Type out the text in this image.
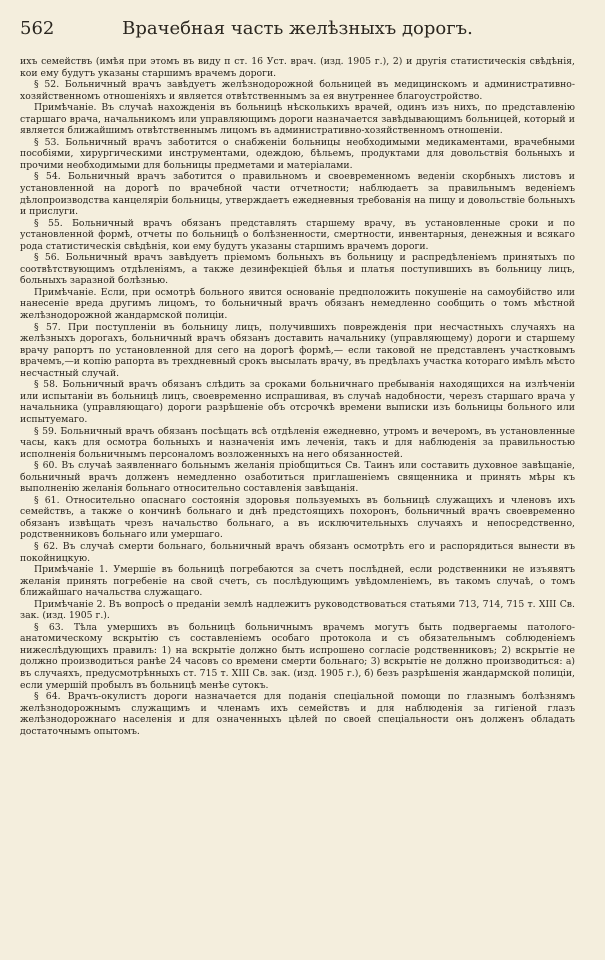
562	Врачебная часть желѣзныхъ дорогъ.

ихъ семействъ (имѣя при этомъ въ виду п ст. 16 Уст. врач. (изд. 1905 г.), 2) и другія статистическія свѣдѣнія, кои ему будутъ указаны старшимъ врачемъ дороги.

§ 52. Больничный врачъ завѣдуетъ желѣзнодорожной больницей въ медицинскомъ и административно-хозяйственномъ отношеніяхъ и является отвѣтственнымъ за ея внутреннее благоустройство.

Примѣчаніе. Въ случаѣ нахожденія въ больницѣ нѣсколькихъ врачей, одинъ изъ нихъ, по представленію старшаго врача, начальникомъ или управляющимъ дороги назначается завѣдывающимъ больницей, который и является ближайшимъ отвѣтственнымъ лицомъ въ административно-хозяйственномъ отношеніи.

§ 53. Больничный врачъ заботится о снабженіи больницы необходимыми медикаментами, врачебными пособіями, хирургическими инструментами, одеждою, бѣльемъ, продуктами для довольствія больныхъ и прочими необходимыми для больницы предметами и матеріалами.

§ 54. Больничный врачъ заботится о правильномъ и своевременномъ веденіи скорбныхъ листовъ и установленной на дорогѣ по врачебной части отчетности; наблюдаетъ за правильнымъ веденіемъ дѣлопроизводства канцеляріи больницы, утверждаетъ ежедневныя требованія на пищу и довольствіе больныхъ и прислуги.

§ 55. Больничный врачъ обязанъ представлять старшему врачу, въ установленные сроки и по установленной формѣ, отчеты по больницѣ о болѣзненности, смертности, инвентарныя, денежныя и всякаго рода статистическія свѣдѣнія, кои ему будутъ указаны старшимъ врачемъ дороги.

§ 56. Больничный врачъ завѣдуетъ пріемомъ больныхъ въ больницу и распредѣленіемъ принятыхъ по соотвѣтствующимъ отдѣленіямъ, а также дезинфекціей бѣлья и платья поступившихъ въ больницу лицъ, больныхъ заразной болѣзнью.

Примѣчаніе. Если, при осмотрѣ больного явится основаніе предположить покушеніе на самоубійство или нанесеніе вреда другимъ лицомъ, то больничный врачъ обязанъ немедленно сообщить о томъ мѣстной желѣзнодорожной жандармской полиціи.

§ 57. При поступленіи въ больницу лицъ, получившихъ поврежденія при несчастныхъ случаяхъ на желѣзныхъ дорогахъ, больничный врачъ обязанъ доставить начальнику (управляющему) дороги и старшему врачу рапортъ по установленной для сего на дорогѣ формѣ,— если таковой не представленъ участковымъ врачемъ,—и копію рапорта въ трехдневный срокъ высылать врачу, въ предѣлахъ участка котораго имѣлъ мѣсто несчастный случай.

§ 58. Больничный врачъ обязанъ слѣдить за сроками больничнаго пребыванія находящихся на излѣченіи или испытаніи въ больницѣ лицъ, своевременно испрашивая, въ случаѣ надобности, черезъ старшаго врача у начальника (управляющаго) дороги разрѣшеніе объ отсрочкѣ времени выписки изъ больницы больного или испытуемаго.

§ 59. Больничный врачъ обязанъ посѣщать всѣ отдѣленія ежедневно, утромъ и вечеромъ, въ установленные часы, какъ для осмотра больныхъ и назначенія имъ леченія, такъ и для наблюденія за правильностью исполненія больничнымъ персоналомъ возложенныхъ на него обязанностей.

§ 60. Въ случаѣ заявленнаго больнымъ желанія пріобщиться Св. Таинъ или составить духовное завѣщаніе, больничный врачъ долженъ немедленно озаботиться приглашеніемъ священника и принять мѣры къ выполненію желанія больнаго относительно составленія завѣщанія.

§ 61. Относительно опаснаго состоянія здоровья пользуемыхъ въ больницѣ служащихъ и членовъ ихъ семействъ, а также о кончинѣ больнаго и днѣ предстоящихъ похоронъ, больничный врачъ своевременно обязанъ извѣщать чрезъ начальство больнаго, а въ исключительныхъ случаяхъ и непосредственно, родственниковъ больнаго или умершаго.

§ 62. Въ случаѣ смерти больнаго, больничный врачъ обязанъ осмотрѣть его и распорядиться вынести въ покойницкую.

Примѣчаніе 1. Умершіе въ больницѣ погребаются за счетъ послѣдней, если родственники не изъявятъ желанія принять погребеніе на свой счетъ, съ послѣдующимъ увѣдомленіемъ, въ такомъ случаѣ, о томъ ближайшаго начальства служащаго.

Примѣчаніе 2. Въ вопросѣ о преданіи землѣ надлежитъ руководствоваться статьями 713, 714, 715 т. XIII Св. зак. (изд. 1905 г.).

§ 63. Тѣла умершихъ въ больницѣ больничнымъ врачемъ могутъ быть подвергаемы патолого-анатомическому вскрытію съ составленіемъ особаго протокола и съ обязательнымъ соблюденіемъ нижеслѣдующихъ правилъ: 1) на вскрытіе должно быть испрошено согласіе родственниковъ; 2) вскрытіе не должно производиться ранѣе 24 часовъ со времени смерти больнаго; 3) вскрытіе не должно производиться: а) въ случаяхъ, предусмотрѣнныхъ ст. 715 т. XIII Св. зак. (изд. 1905 г.), б) безъ разрѣшенія жандармской полиціи, если умершій пробылъ въ больницѣ менѣе сутокъ.

§ 64. Врачъ-окулистъ дороги назначается для поданія спеціальной помощи по глазнымъ болѣзнямъ желѣзнодорожнымъ служащимъ и членамъ ихъ семействъ и для наблюденія за гигіеной глазъ желѣзнодорожнаго населенія и для означенныхъ цѣлей по своей спеціальности онъ долженъ обладать достаточнымъ опытомъ.
